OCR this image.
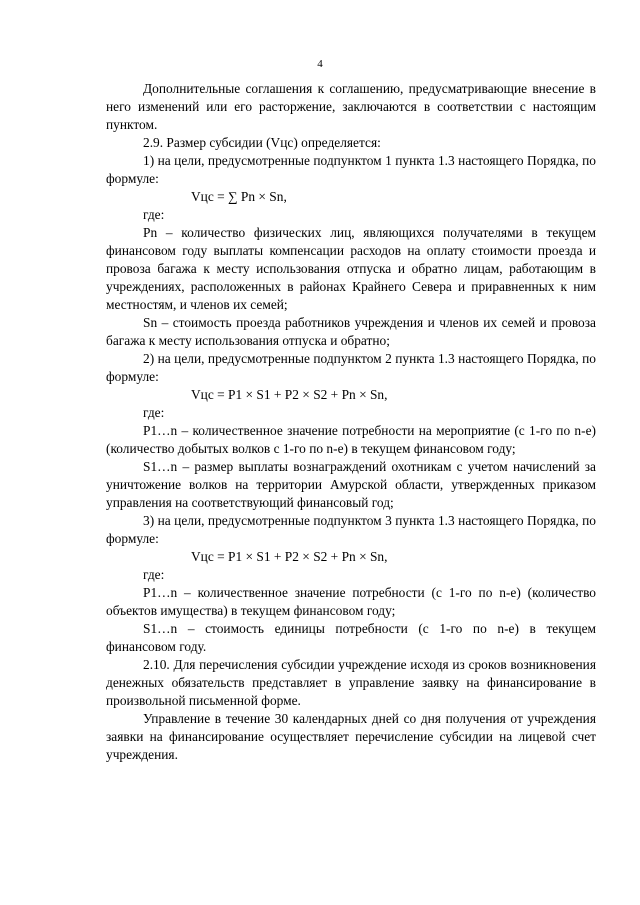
4

Дополнительные соглашения к соглашению, предусматривающие внесение в него изменений или его расторжение, заключаются в соответствии с настоящим пунктом.

2.9. Размер субсидии (Vцс) определяется:

1) на цели, предусмотренные подпунктом 1 пункта 1.3 настоящего Порядка, по формуле:

Vцс = ∑ Pn × Sn,

где:

Pn – количество физических лиц, являющихся получателями в текущем финансовом году выплаты компенсации расходов на оплату стоимости проезда и провоза багажа к месту использования отпуска и обратно лицам, работающим в учреждениях, расположенных в районах Крайнего Севера и приравненных к ним местностям, и членов их семей;

Sn – стоимость проезда работников учреждения и членов их семей и провоза багажа к месту использования отпуска и обратно;

2) на цели, предусмотренные подпунктом 2 пункта 1.3 настоящего Порядка, по формуле:

Vцс = P1 × S1 + P2 × S2 + Pn × Sn,

где:

P1…n – количественное значение потребности на мероприятие (с 1-го по n-е) (количество добытых волков с 1-го по n-е) в текущем финансовом году;

S1…n – размер выплаты вознаграждений охотникам с учетом начислений за уничтожение волков на территории Амурской области, утвержденных приказом управления на соответствующий финансовый год;

3) на цели, предусмотренные подпунктом 3 пункта 1.3 настоящего Порядка, по формуле:

Vцс = P1 × S1 + P2 × S2 + Pn × Sn,

где:

P1…n – количественное значение потребности (с 1-го по n-е) (количество объектов имущества) в текущем финансовом году;

S1…n – стоимость единицы потребности (с 1-го по n-е) в текущем финансовом году.

2.10. Для перечисления субсидии учреждение исходя из сроков возникновения денежных обязательств представляет в управление заявку на финансирование в произвольной письменной форме.

Управление в течение 30 календарных дней со дня получения от учреждения заявки на финансирование осуществляет перечисление субсидии на лицевой счет учреждения.
